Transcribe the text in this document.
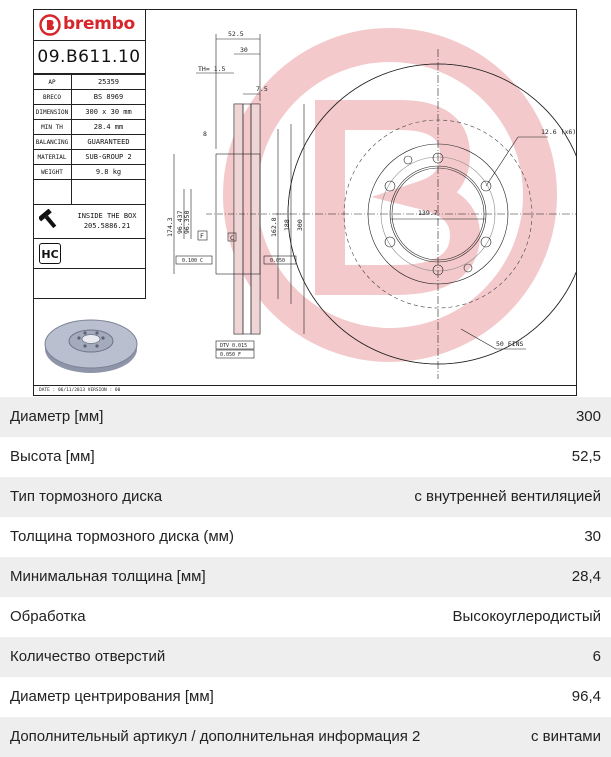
brembo
09.B611.10
AP	25359
BRECO	BS 8969
DIMENSION	300 x 30 mm
MIN TH	28.4 mm
BALANCING	GUARANTEED
MATERIAL	SUB-GROUP 2
WEIGHT	9.8 kg

INSIDE THE BOX
205.5886.21
HC
52.5
30
TH= 1.5
7.5
8	12.6 (x6)
50 FINS
139.7
F	C
0.100 C	0.050
DTV 0.015
0.050 F
174.3 96.437 96.350	162.8 188 300
DATE : 06/11/2013 VERSION : 00
Диаметр [мм]	300
Высота [мм]	52,5
Тип тормозного диска	с внутренней вентиляцией
Толщина тормозного диска (мм)	30
Минимальная толщина [мм]	28,4
Обработка	Высокоуглеродистый
Количество отверстий	6
Диаметр центрирования [мм]	96,4
Дополнительный артикул / дополнительная информация 2	с винтами
